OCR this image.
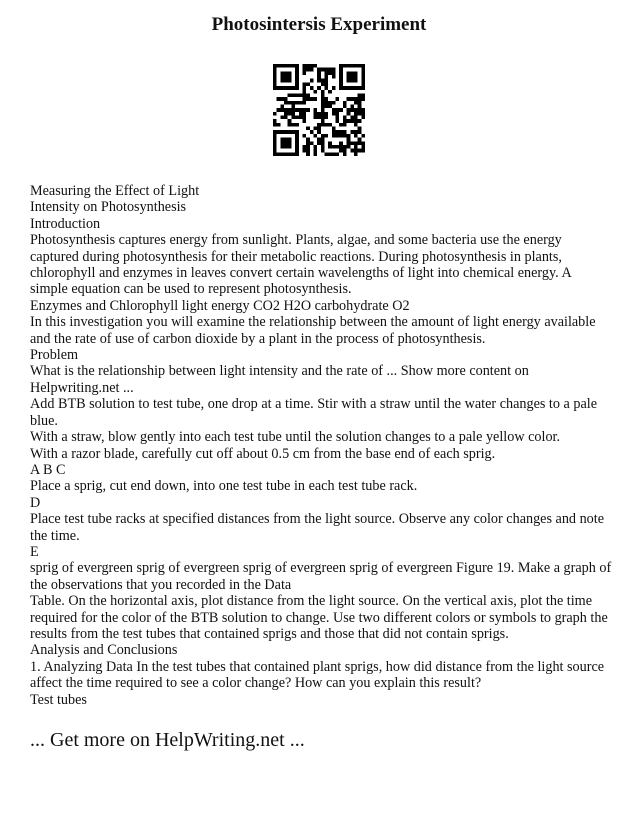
Photosintersis Experiment
Measuring the Effect of Light
Intensity on Photosynthesis
Introduction
Photosynthesis captures energy from sunlight. Plants, algae, and some bacteria use the energy captured during photosynthesis for their metabolic reactions. During photosynthesis in plants, chlorophyll and enzymes in leaves convert certain wavelengths of light into chemical energy. A simple equation can be used to represent photosynthesis.
Enzymes and Chlorophyll light energy CO2 H2O carbohydrate O2
In this investigation you will examine the relationship between the amount of light energy available and the rate of use of carbon dioxide by a plant in the process of photosynthesis.
Problem
What is the relationship between light intensity and the rate of ... Show more content on Helpwriting.net ...
Add BTB solution to test tube, one drop at a time. Stir with a straw until the water changes to a pale blue.
With a straw, blow gently into each test tube until the solution changes to a pale yellow color.
With a razor blade, carefully cut off about 0.5 cm from the base end of each sprig.
A B C
Place a sprig, cut end down, into one test tube in each test tube rack.
D
Place test tube racks at specified distances from the light source. Observe any color changes and note the time.
E
sprig of evergreen sprig of evergreen sprig of evergreen sprig of evergreen Figure 19. Make a graph of the observations that you recorded in the Data
Table. On the horizontal axis, plot distance from the light source. On the vertical axis, plot the time required for the color of the BTB solution to change. Use two different colors or symbols to graph the results from the test tubes that contained sprigs and those that did not contain sprigs.
Analysis and Conclusions
1. Analyzing Data In the test tubes that contained plant sprigs, how did distance from the light source affect the time required to see a color change? How can you explain this result?
Test tubes
... Get more on HelpWriting.net ...
